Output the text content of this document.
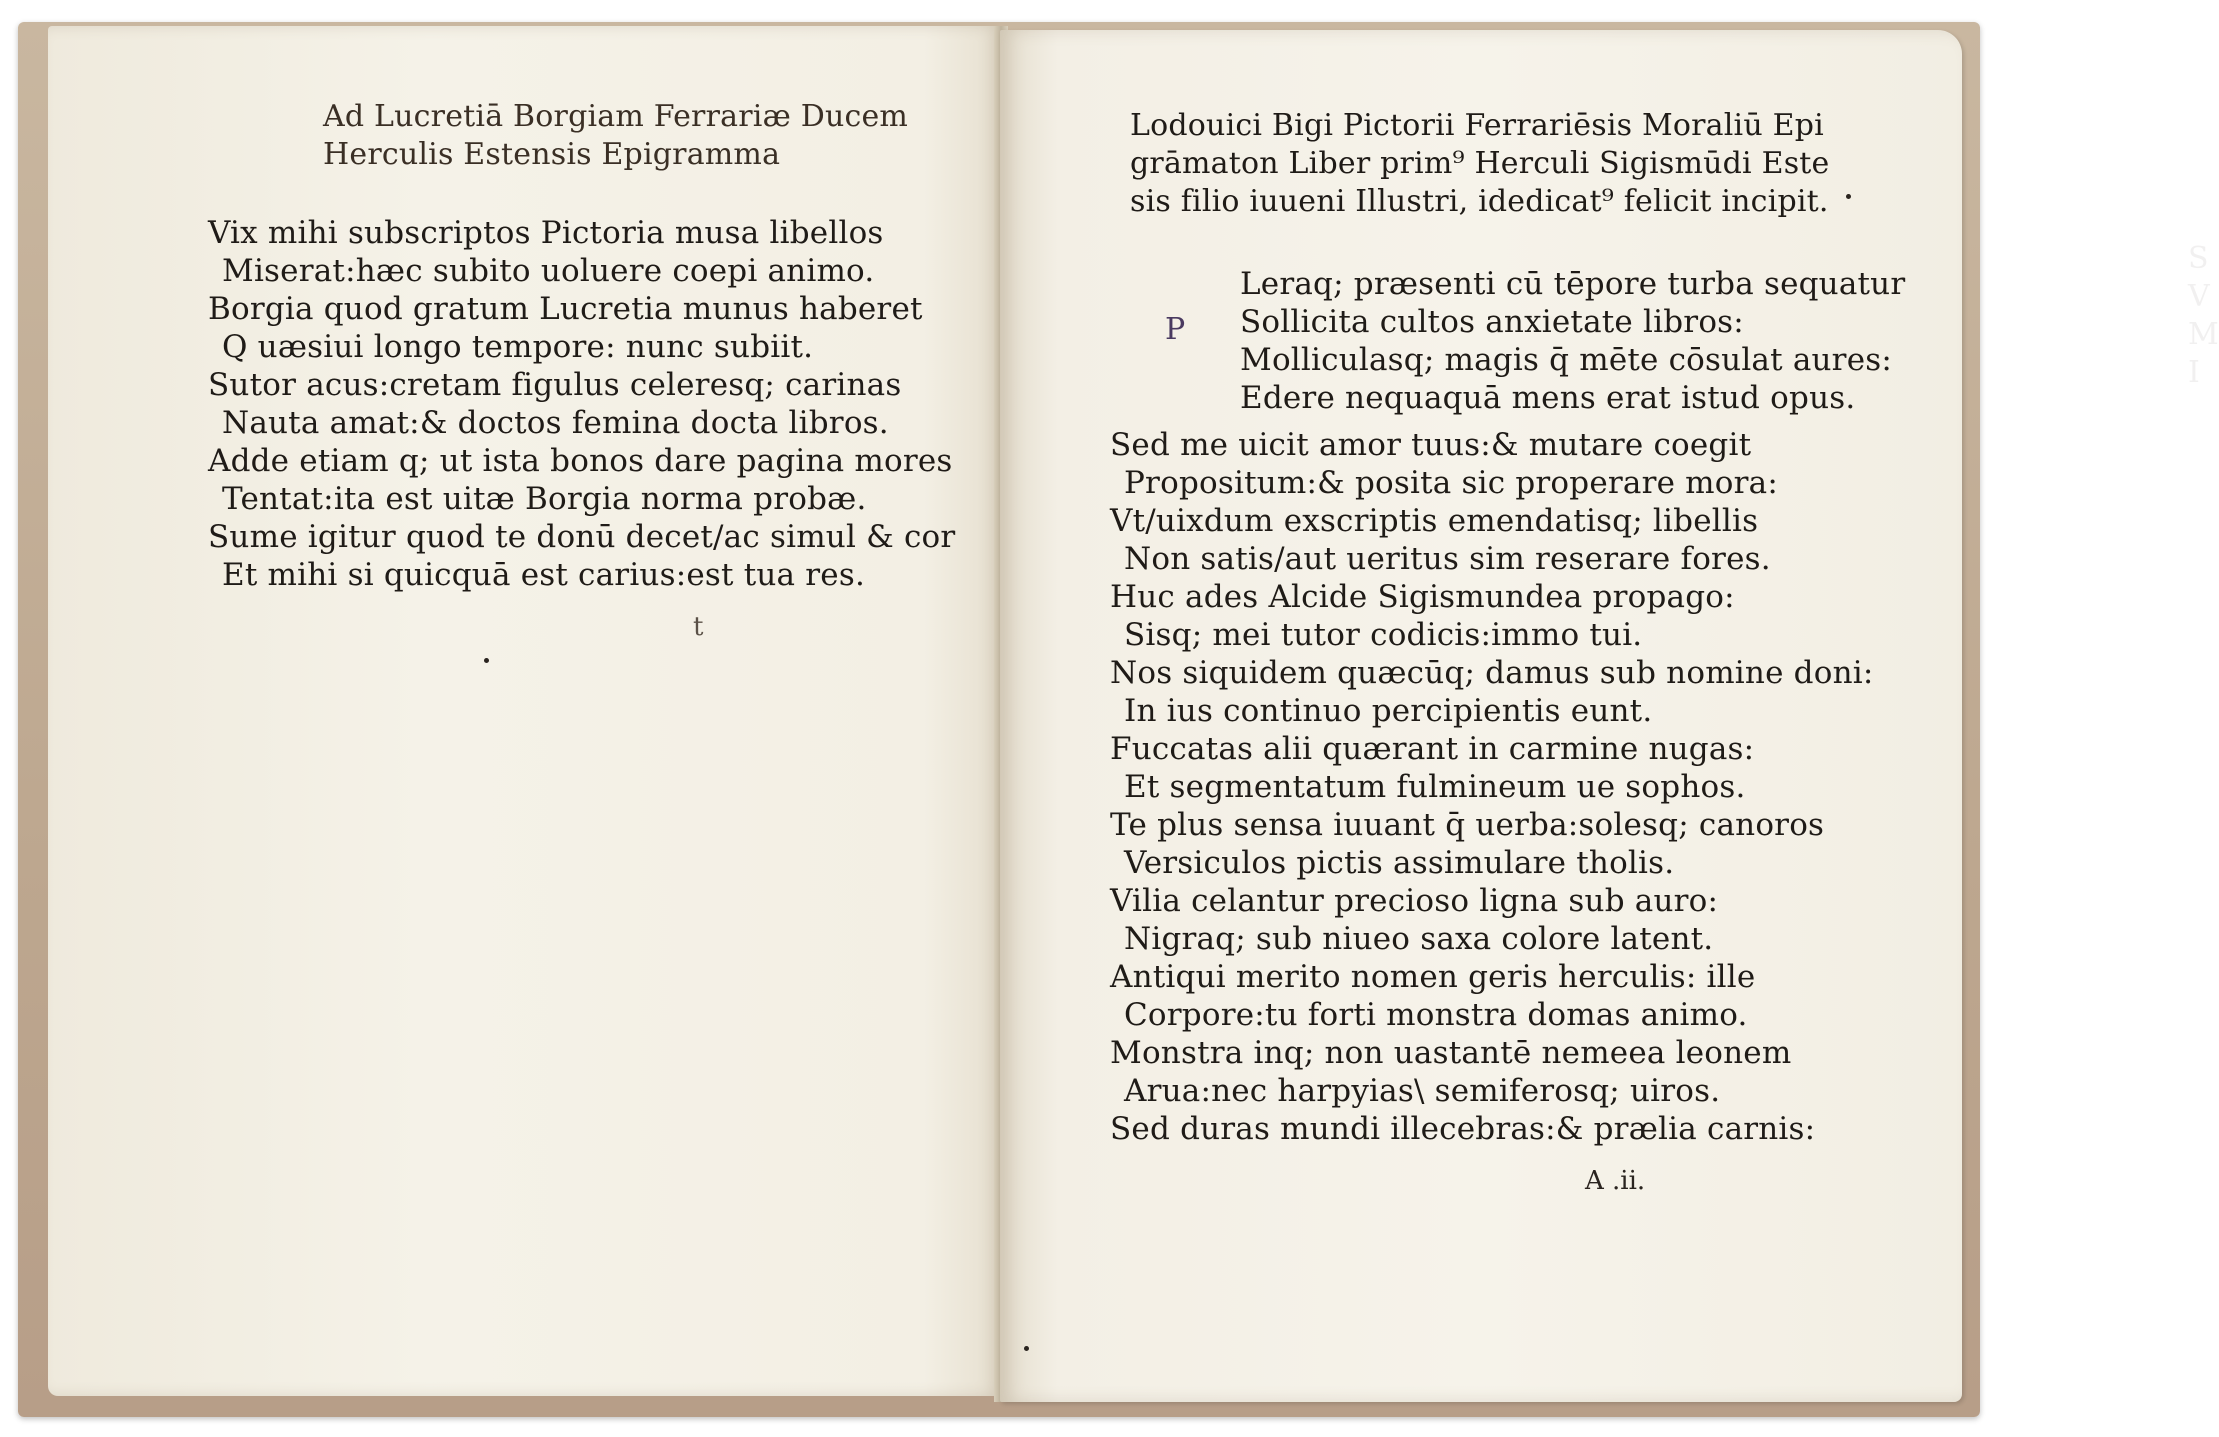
Ad Lucretiā Borgiam Ferrariæ Ducem
Herculis Estensis Epigramma
Vix mihi subscriptos Pictoria musa libellos
Miserat:hæc subito uoluere coepi animo.
Borgia quod gratum Lucretia munus haberet
Q uæsiui longo tempore: nunc subiit.
Sutor acus:cretam figulus celeresq; carinas
Nauta amat:& doctos femina docta libros.
Adde etiam q; ut ista bonos dare pagina mores
Tentat:ita est uitæ Borgia norma probæ.
Sume igitur quod te donū decet/ac simul & cor
Et mihi si quicquā est carius:est tua res.
t
S
V
M
I
Lodouici Bigi Pictorii Ferrariēsis Moraliū Epi
grāmaton Liber prim⁹ Herculi Sigismūdi Este
sis filio iuueni Illustri, idedicat⁹ felicit incipit.
P
Leraq; præsenti cū tēpore turba sequatur
Sollicita cultos anxietate libros:
Molliculasq; magis q̄ mēte cōsulat aures:
Edere nequaquā mens erat istud opus.
Sed me uicit amor tuus:& mutare coegit
Propositum:& posita sic properare mora:
Vt/uixdum exscriptis emendatisq; libellis
Non satis/aut ueritus sim reserare fores.
Huc ades Alcide Sigismundea propago:
Sisq; mei tutor codicis:immo tui.
Nos siquidem quæcūq; damus sub nomine doni:
In ius continuo percipientis eunt.
Fuccatas alii quærant in carmine nugas:
Et segmentatum fulmineum ue sophos.
Te plus sensa iuuant q̄ uerba:solesq; canoros
Versiculos pictis assimulare tholis.
Vilia celantur precioso ligna sub auro:
Nigraq; sub niueo saxa colore latent.
Antiqui merito nomen geris herculis: ille
Corpore:tu forti monstra domas animo.
Monstra inq; non uastantē nemeea leonem
Arua:nec harpyias\ semiferosq; uiros.
Sed duras mundi illecebras:& prælia carnis:
A .ii.
